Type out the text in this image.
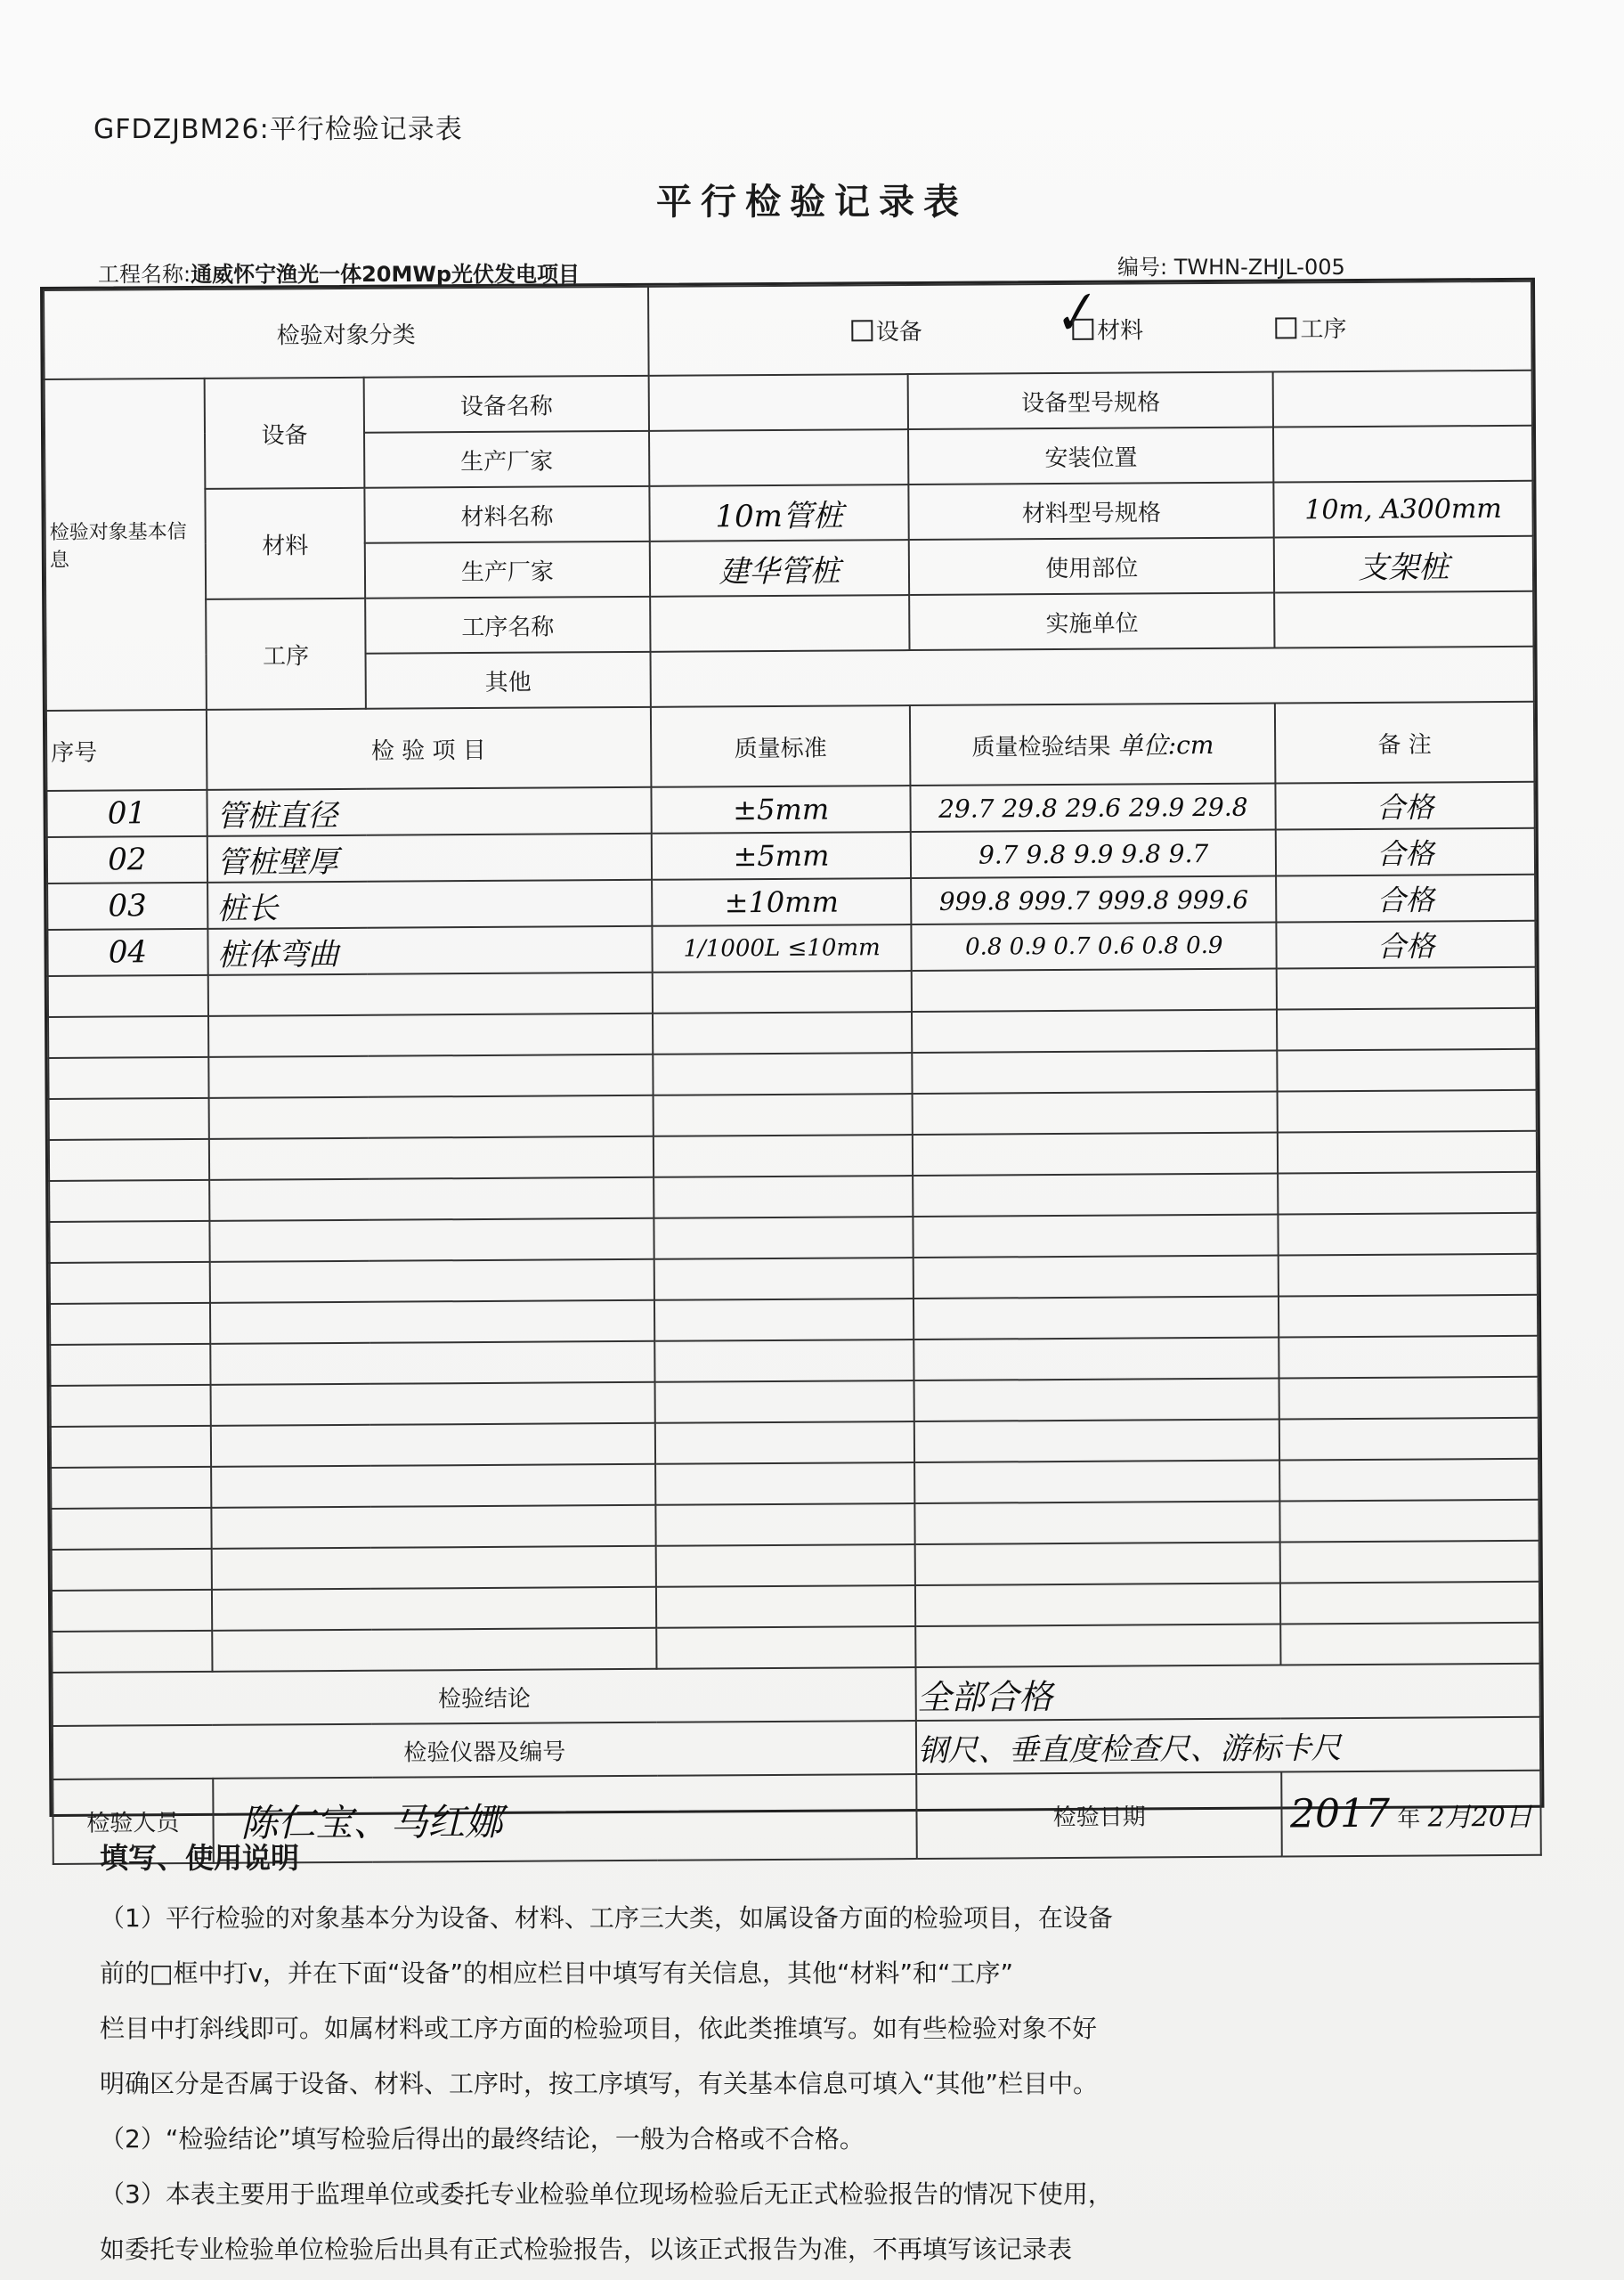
GFDZJBM26:平行检验记录表
平行检验记录表
工程名称:通威怀宁渔光一体20MWp光伏发电项目	编号: TWHN-ZHJL-005
✓
检验对象分类			设备 材料 工序		
检验对象基本信息	设备	设备名称		设备型号规格	
		生产厂家		安装位置	
	材料	材料名称	10m管桩	材料型号规格	10m, A300mm
		生产厂家	建华管桩	使用部位	支架桩
	工序	工序名称		实施单位	
		其他			
序号	检 验 项 目		质量标准	质量检验结果 单位:cm	备 注
01	管桩直径		±5mm	29.7 29.8 29.6 29.9 29.8	合格
02	管桩壁厚		±5mm	9.7 9.8 9.9 9.8 9.7	合格
03	桩长		±10mm	999.8 999.7 999.8 999.6	合格
04	桩体弯曲		1/1000L ≤10mm	0.8 0.9 0.7 0.6 0.8 0.9	合格

检验结论				全部合格	
检验仪器及编号				钢尺、垂直度检查尺、游标卡尺	
检验人员	陈仁宝、马红娜			检验日期	2017 年 2月20日
填写、使用说明

（1）平行检验的对象基本分为设备、材料、工序三大类，如属设备方面的检验项目，在设备

前的□框中打v，并在下面“设备”的相应栏目中填写有关信息，其他“材料”和“工序”

栏目中打斜线即可。如属材料或工序方面的检验项目，依此类推填写。如有些检验对象不好

明确区分是否属于设备、材料、工序时，按工序填写，有关基本信息可填入“其他”栏目中。

（2）“检验结论”填写检验后得出的最终结论，一般为合格或不合格。

（3）本表主要用于监理单位或委托专业检验单位现场检验后无正式检验报告的情况下使用，

如委托专业检验单位检验后出具有正式检验报告，以该正式报告为准，不再填写该记录表
